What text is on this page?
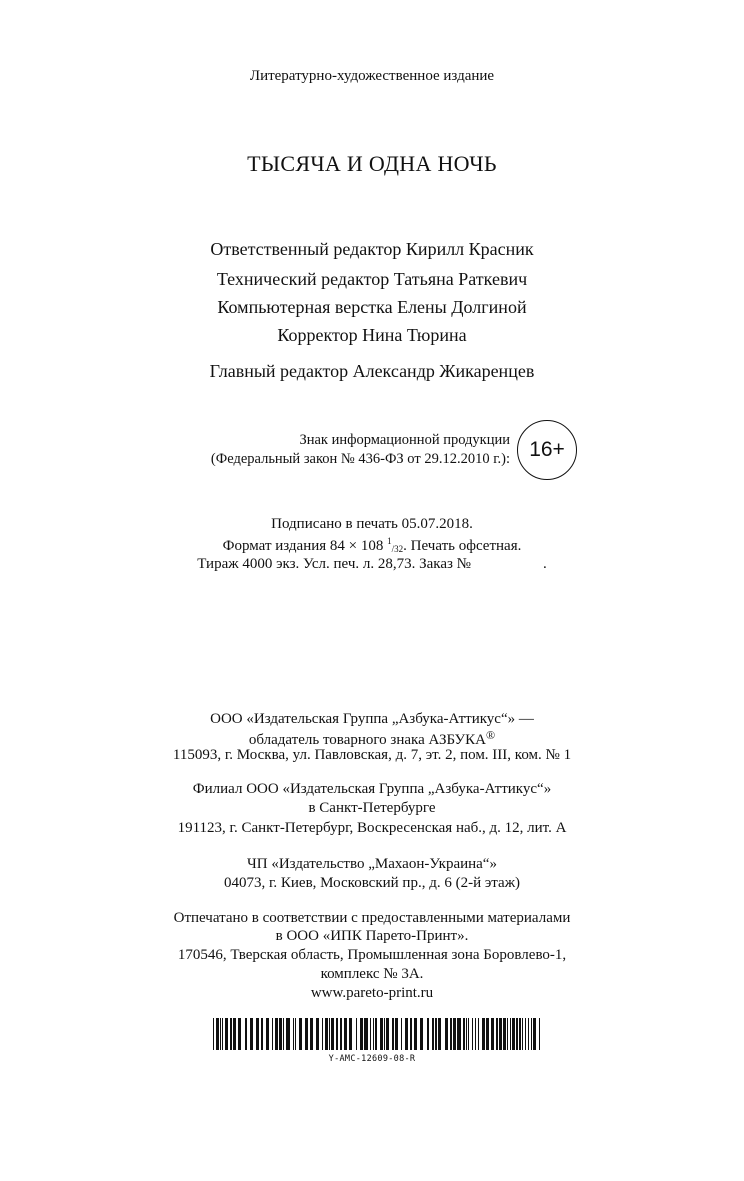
Литературно-художественное издание
ТЫСЯЧА И ОДНА НОЧЬ
Ответственный редактор Кирилл Красник
Технический редактор Татьяна Раткевич
Компьютерная верстка Елены Долгиной
Корректор Нина Тюрина
Главный редактор Александр Жикаренцев
Знак информационной продукции
(Федеральный закон № 436-ФЗ от 29.12.2010 г.): 16+
Подписано в печать 05.07.2018.
Формат издания 84 × 108 $^1_{/32}$. Печать офсетная.
Тираж 4000 экз. Усл. печ. л. 28,73. Заказ №	.
ООО «Издательская Группа „Азбука-Аттикус“» —
обладатель товарного знака АЗБУКА®
115093, г. Москва, ул. Павловская, д. 7, эт. 2, пом. III, ком. № 1
Филиал ООО «Издательская Группа „Азбука-Аттикус“»
в Санкт-Петербурге
191123, г. Санкт-Петербург, Воскресенская наб., д. 12, лит. А
ЧП «Издательство „Махаон-Украина“»
04073, г. Киев, Московский пр., д. 6 (2-й этаж)
Отпечатано в соответствии с предоставленными материалами
в ООО «ИПК Парето-Принт».
170546, Тверская область, Промышленная зона Боровлево-1,
комплекс № 3А.
www.pareto-print.ru
Y-AMC-12609-08-R
